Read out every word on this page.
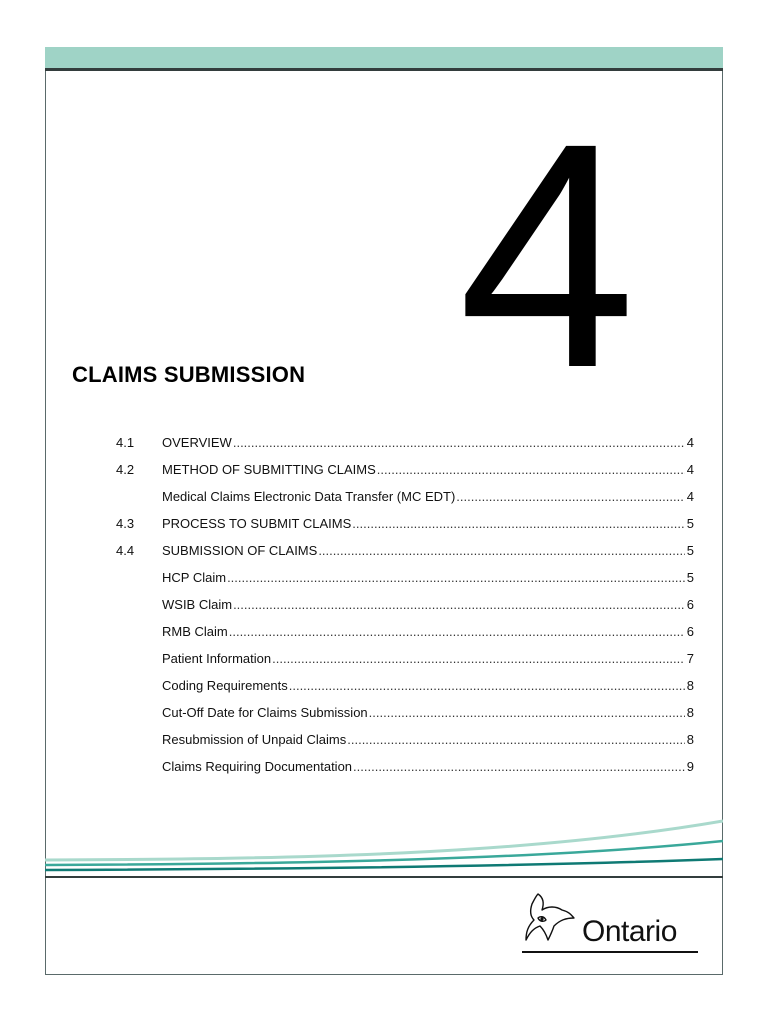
4
CLAIMS SUBMISSION
4.1 OVERVIEW .....	4
4.2 METHOD OF SUBMITTING CLAIMS .....	4
Medical Claims Electronic Data Transfer (MC EDT) .....	4
4.3 PROCESS TO SUBMIT CLAIMS .....	5
4.4 SUBMISSION OF CLAIMS .....	5
HCP Claim .....	5
WSIB Claim .....	6
RMB Claim .....	6
Patient Information .....	7
Coding Requirements .....	8
Cut-Off Date for Claims Submission .....	8
Resubmission of Unpaid Claims .....	8
Claims Requiring Documentation .....	9
Ontario
